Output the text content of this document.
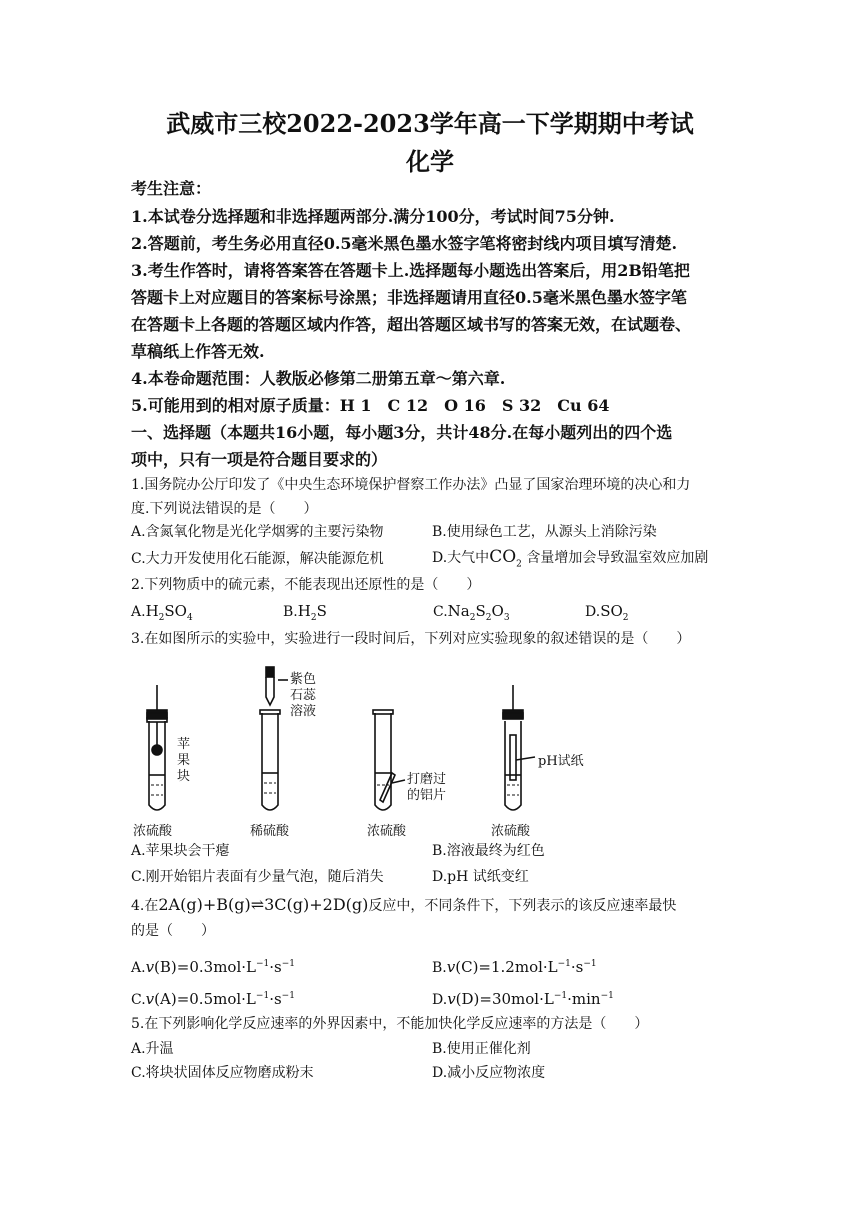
武威市三校2022-2023学年高一下学期期中考试
化学
考生注意：
1.本试卷分选择题和非选择题两部分.满分100分，考试时间75分钟.
2.答题前，考生务必用直径0.5毫米黑色墨水签字笔将密封线内项目填写清楚.
3.考生作答时，请将答案答在答题卡上.选择题每小题选出答案后，用2B铅笔把
答题卡上对应题目的答案标号涂黑；非选择题请用直径0.5毫米黑色墨水签字笔
在答题卡上各题的答题区域内作答，超出答题区域书写的答案无效，在试题卷、
草稿纸上作答无效.
4.本卷命题范围：人教版必修第二册第五章～第六章.
5.可能用到的相对原子质量：H 1　C 12　O 16　S 32　Cu 64
一、选择题（本题共16小题，每小题3分，共计48分.在每小题列出的四个选
项中，只有一项是符合题目要求的）
1.国务院办公厅印发了《中央生态环境保护督察工作办法》凸显了国家治理环境的决心和力
度.下列说法错误的是（　　）
A.含氮氧化物是光化学烟雾的主要污染物	B.使用绿色工艺，从源头上消除污染
C.大力开发使用化石能源，解决能源危机	D.大气中$CO_2$ 含量增加会导致温室效应加剧
2.下列物质中的硫元素，不能表现出还原性的是（　　）
$A.H_2SO_4$	$B.H_2S$	$C.Na_2S_2O_3$	$D.SO_2$
3.在如图所示的实验中，实验进行一段时间后，下列对应实验现象的叙述错误的是（　　）
苹
果
块
紫色
石蕊
溶液
打磨过
的铝片
pH试纸
浓硫酸	稀硫酸	浓硫酸	浓硫酸
A.苹果块会干瘪	B.溶液最终为红色
C.刚开始铝片表面有少量气泡，随后消失	D.pH 试纸变红
4.在2A(g)+B(g)⇌3C(g)+2D(g)反应中，不同条件下，下列表示的该反应速率最快
的是（　　）
$A.v(B)=0.3mol\cdot L^{-1}\cdot s^{-1}$	$B.v(C)=1.2mol\cdot L^{-1}\cdot s^{-1}$
$C.v(A)=0.5mol\cdot L^{-1}\cdot s^{-1}$	$D.v(D)=30mol\cdot L^{-1}\cdot\min^{-1}$
5.在下列影响化学反应速率的外界因素中，不能加快化学反应速率的方法是（　　）
A.升温	B.使用正催化剂
C.将块状固体反应物磨成粉末	D.减小反应物浓度
